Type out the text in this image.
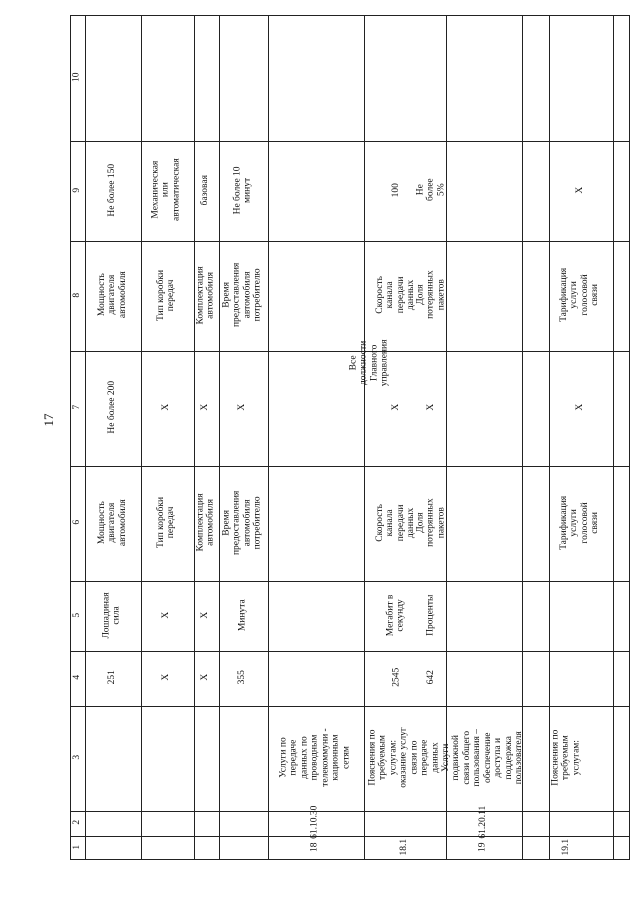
17
1
2
3
4
5
6
7
8
9
10
251
Лошадиная
сила
Мощность
двигателя
автомобиля
Не более 200
Мощность
двигателя
автомобиля
Не более 150
X
X
Тип коробки
передач
X
Тип коробки
передач
Механическая
или
автоматическая
X
X
Комплектация
автомобиля
X
Комплектация
автомобиля
базовая
355
Минута
Время
предоставления
автомобиля
потребителю
X
Время
предоставления
автомобиля
потребителю
Не более 10
минут
18
61.10.30
Услуги по
передаче
данных по
проводным
телекоммуни -
кационным
сетям
Все должности Главного управления
18.1
Пояснения по
требуемым
услугам:
оказание услуг
связи по
передаче
данных
2545
Мегабит в
секунду
Скорость канала
передачи данных
X
Скорость канала
передачи данных
100
642
Проценты
Доля потерянных
пакетов
X
Доля потерянных
пакетов
Не более 5%
19
61.20.11
Услуги
подвижной
связи общего
пользования –
обеспечение
доступа и
поддержка
пользователя
19.1
Пояснения по
требуемым
услугам:
Тарификация услуги
голосовой связи
X
Тарификация
услуги голосовой
связи
X
